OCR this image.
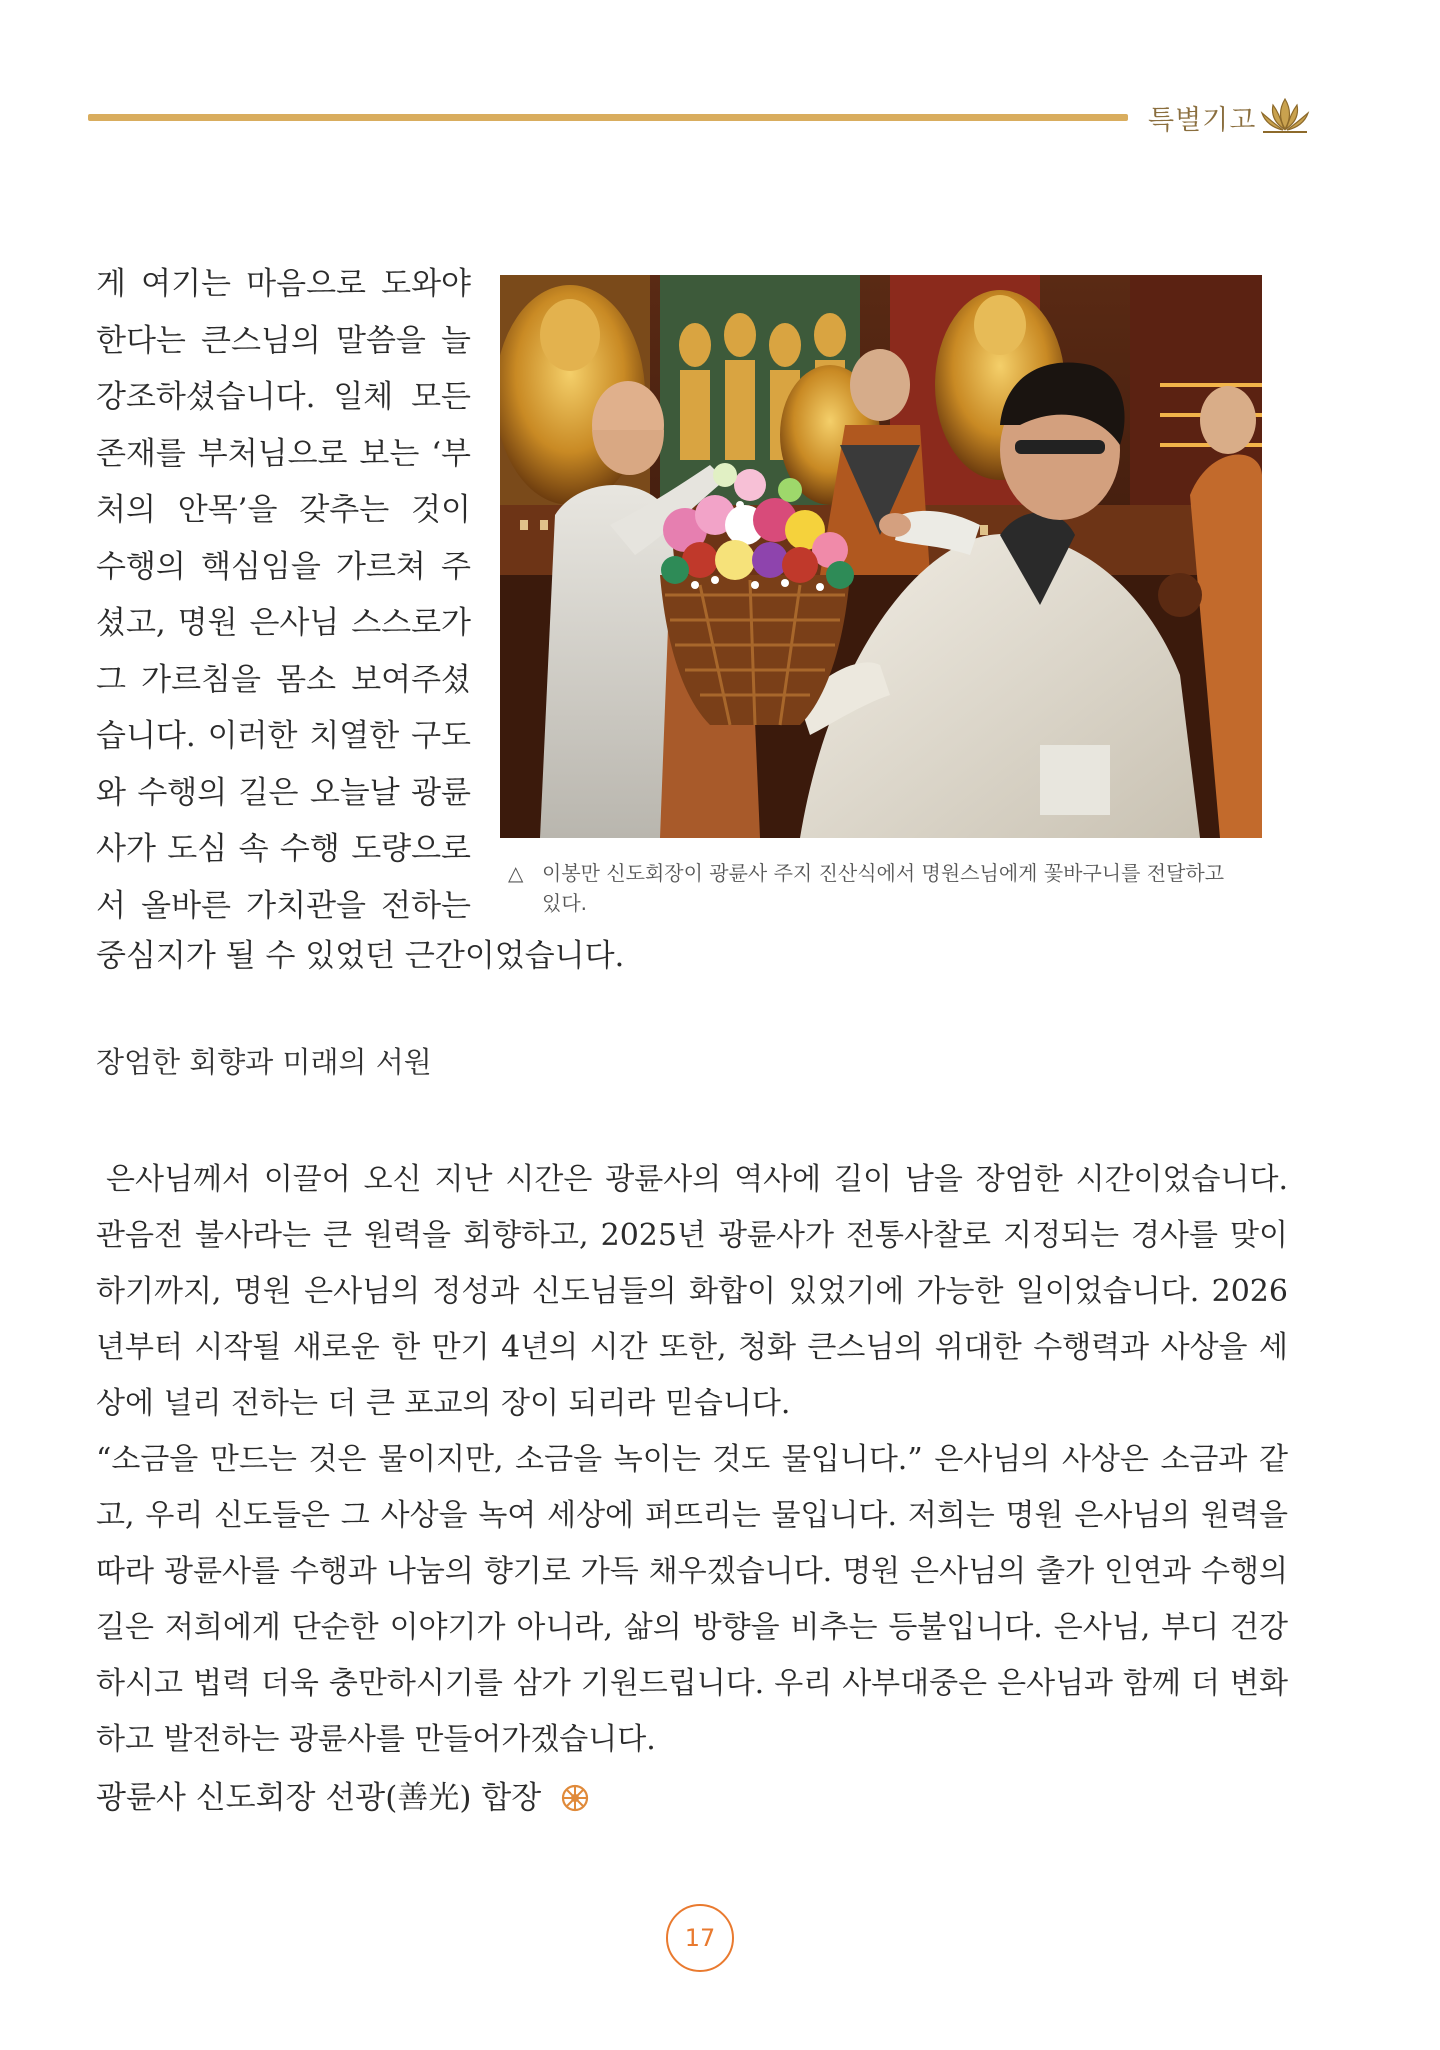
특별기고
게 여기는 마음으로 도와야
한다는 큰스님의 말씀을 늘
강조하셨습니다. 일체 모든
존재를 부처님으로 보는 ‘부
처의 안목’을 갖추는 것이
수행의 핵심임을 가르쳐 주
셨고, 명원 은사님 스스로가
그 가르침을 몸소 보여주셨
습니다. 이러한 치열한 구도
와 수행의 길은 오늘날 광륜
사가 도심 속 수행 도량으로
서 올바른 가치관을 전하는
△ 이봉만 신도회장이 광륜사 주지 진산식에서 명원스님에게 꽃바구니를 전달하고 있다.
중심지가 될 수 있었던 근간이었습니다.
장엄한 회향과 미래의 서원

은사님께서 이끌어 오신 지난 시간은 광륜사의 역사에 길이 남을 장엄한 시간이었습니다. 관음전 불사라는 큰 원력을 회향하고, 2025년 광륜사가 전통사찰로 지정되는 경사를 맞이하기까지, 명원 은사님의 정성과 신도님들의 화합이 있었기에 가능한 일이었습니다. 2026년부터 시작될 새로운 한 만기 4년의 시간 또한, 청화 큰스님의 위대한 수행력과 사상을 세상에 널리 전하는 더 큰 포교의 장이 되리라 믿습니다.

“소금을 만드는 것은 물이지만, 소금을 녹이는 것도 물입니다.” 은사님의 사상은 소금과 같고, 우리 신도들은 그 사상을 녹여 세상에 퍼뜨리는 물입니다. 저희는 명원 은사님의 원력을 따라 광륜사를 수행과 나눔의 향기로 가득 채우겠습니다. 명원 은사님의 출가 인연과 수행의 길은 저희에게 단순한 이야기가 아니라, 삶의 방향을 비추는 등불입니다. 은사님, 부디 건강하시고 법력 더욱 충만하시기를 삼가 기원드립니다. 우리 사부대중은 은사님과 함께 더 변화하고 발전하는 광륜사를 만들어가겠습니다.

광륜사 신도회장 선광(善光) 합장
17
